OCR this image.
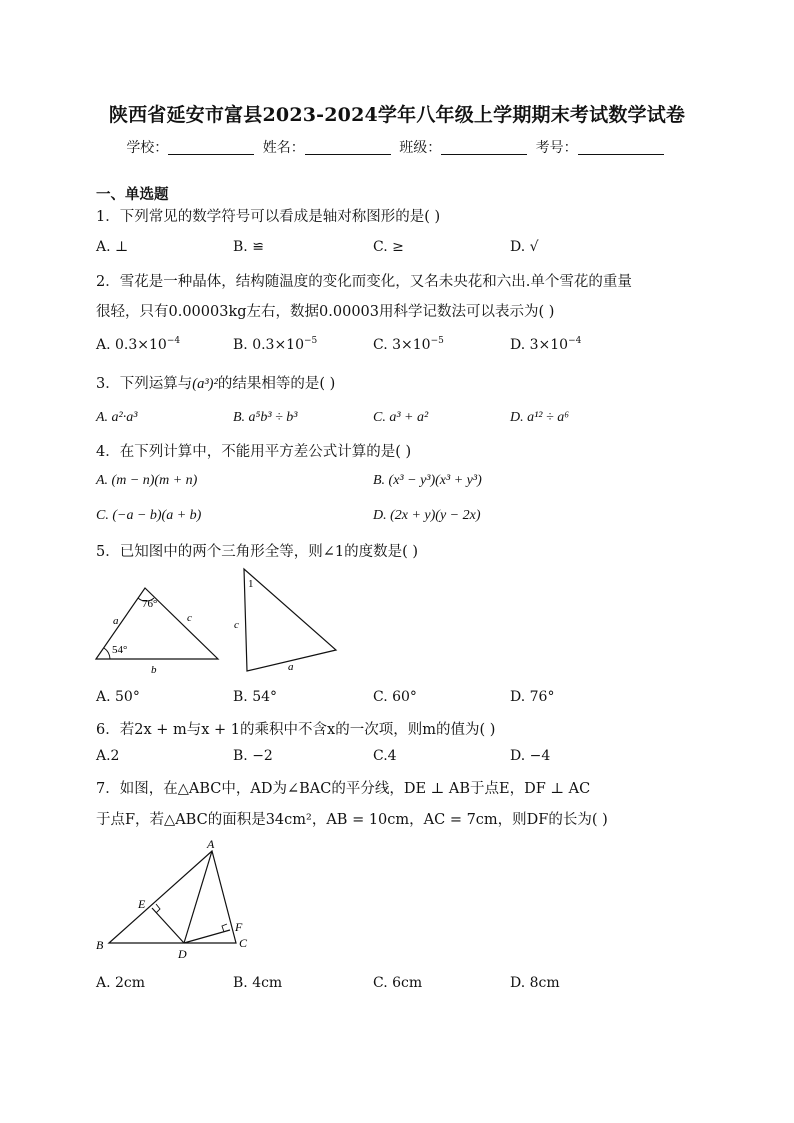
陕西省延安市富县2023-2024学年八年级上学期期末考试数学试卷
学校：	姓名：	班级：	考号：
一、单选题
1．下列常见的数学符号可以看成是轴对称图形的是( )
A. ⊥	B. ≌	C. ≥	D. √
2．雪花是一种晶体，结构随温度的变化而变化，又名未央花和六出.单个雪花的重量
很轻，只有0.00003kg左右，数据0.00003用科学记数法可以表示为( )
A. $0.3\times 10^{-4}$	B. $0.3\times 10^{-5}$	C. $3\times 10^{-5}$	D. $3\times 10^{-4}$
3．下列运算与(a³)²的结果相等的是( )
A. a²·a³	B. a⁵b³ ÷ b³	C. a³ + a²	D. a¹² ÷ a⁶
4．在下列计算中，不能用平方差公式计算的是( )
A. (m − n)(m + n)	B. (x³ − y³)(x³ + y³)
C. (−a − b)(a + b)	D. (2x + y)(y − 2x)
5．已知图中的两个三角形全等，则∠1的度数是( )
76°
54°
a	c
b
1
c
a
A. 50°	B. 54°	C. 60°	D. 76°
6．若2x + m与x + 1的乘积中不含x的一次项，则m的值为( )
A.2	B. −2	C.4	D. −4
7．如图，在△ABC中，AD为∠BAC的平分线，DE ⊥ AB于点E，DF ⊥ AC
于点F，若△ABC的面积是34cm²，AB = 10cm，AC = 7cm，则DF的长为( )
A
B	C
D
E
F
A. 2cm	B. 4cm	C. 6cm	D. 8cm
